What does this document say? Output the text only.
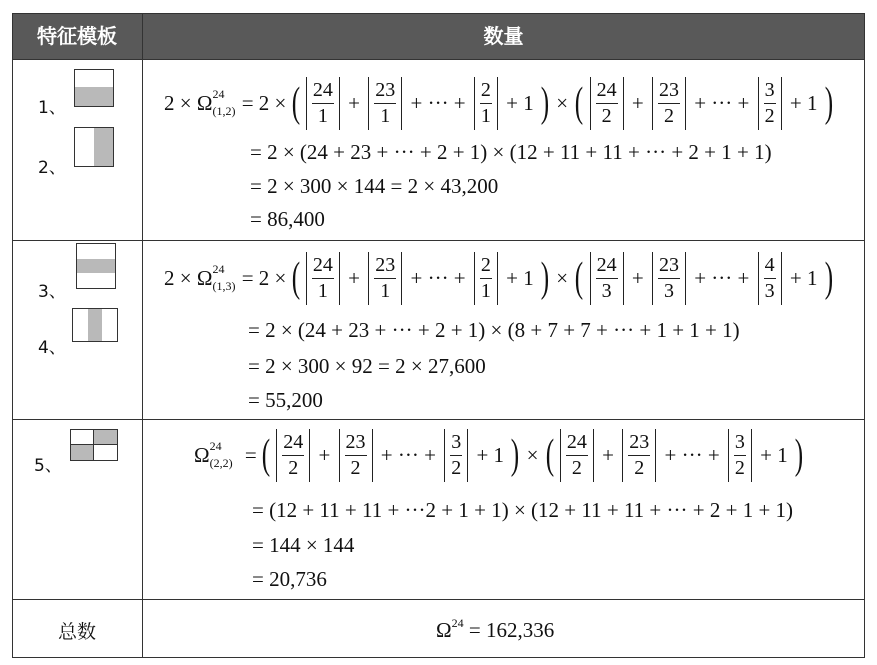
特征模板	数量
1、
2、
3、
4、
5、
总数
2 × Ω 24
(1,2) = 2 × ( $\frac{24}{1} + \frac{23}{1}$ + ··· + $\frac{2}{1} + 1$ ) × ( $\frac{24}{2} + \frac{23}{2}$ + ··· + $\frac{3}{2} + 1$ )
= 2 × (24 + 23 + ··· + 2 + 1) × (12 + 11 + 11 + ··· + 2 + 1 + 1)
= 2 × 300 × 144 = 2 × 43,200
= 86,400
2 × Ω 24
(1,3) = 2 × ( $\frac{24}{1} + \frac{23}{1}$ + ··· + $\frac{2}{1} + 1$ ) × ( $\frac{24}{3} + \frac{23}{3}$ + ··· + $\frac{4}{3} + 1$ )
= 2 × (24 + 23 + ··· + 2 + 1) × (8 + 7 + 7 + ··· + 1 + 1 + 1)
= 2 × 300 × 92 = 2 × 27,600
= 55,200
Ω 24
(2,2) = ( $\frac{24}{2} + \frac{23}{2}$ + ··· + $\frac{3}{2} + 1$ ) × ( $\frac{24}{2} + \frac{23}{2}$ + ··· + $\frac{3}{2} + 1$ )
= (12 + 11 + 11 + ···2 + 1 + 1) × (12 + 11 + 11 + ··· + 2 + 1 + 1)
= 144 × 144
= 20,736
$\Omega^{24} = 162,336$
